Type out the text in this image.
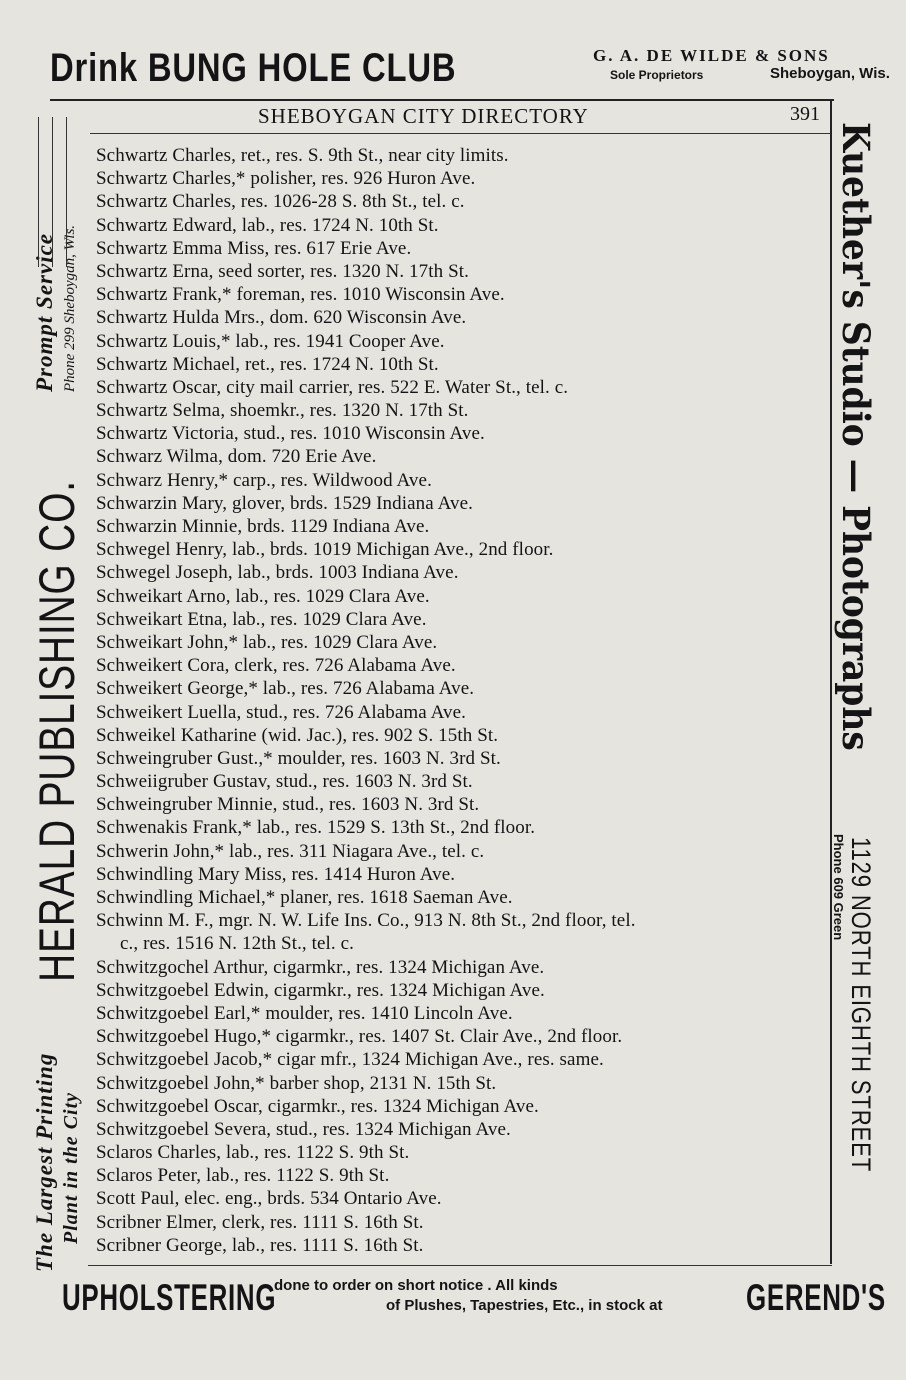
Drink BUNG HOLE CLUB	G. A. DE WILDE & SONS
Sole Proprietors	Sheboygan, Wis.
SHEBOYGAN CITY DIRECTORY	391
The Largest Printing Plant in the City
HERALD PUBLISHING CO.
Prompt Service Phone 299 Sheboygan, Wis.	Kuether's Studio — Photographs
1129 NORTH EIGHTH STREET
Phone 609 Green
Schwartz Charles, ret., res. S. 9th St., near city limits.
Schwartz Charles,* polisher, res. 926 Huron Ave.
Schwartz Charles, res. 1026-28 S. 8th St., tel. c.
Schwartz Edward, lab., res. 1724 N. 10th St.
Schwartz Emma Miss, res. 617 Erie Ave.
Schwartz Erna, seed sorter, res. 1320 N. 17th St.
Schwartz Frank,* foreman, res. 1010 Wisconsin Ave.
Schwartz Hulda Mrs., dom. 620 Wisconsin Ave.
Schwartz Louis,* lab., res. 1941 Cooper Ave.
Schwartz Michael, ret., res. 1724 N. 10th St.
Schwartz Oscar, city mail carrier, res. 522 E. Water St., tel. c.
Schwartz Selma, shoemkr., res. 1320 N. 17th St.
Schwartz Victoria, stud., res. 1010 Wisconsin Ave.
Schwarz Wilma, dom. 720 Erie Ave.
Schwarz Henry,* carp., res. Wildwood Ave.
Schwarzin Mary, glover, brds. 1529 Indiana Ave.
Schwarzin Minnie, brds. 1129 Indiana Ave.
Schwegel Henry, lab., brds. 1019 Michigan Ave., 2nd floor.
Schwegel Joseph, lab., brds. 1003 Indiana Ave.
Schweikart Arno, lab., res. 1029 Clara Ave.
Schweikart Etna, lab., res. 1029 Clara Ave.
Schweikart John,* lab., res. 1029 Clara Ave.
Schweikert Cora, clerk, res. 726 Alabama Ave.
Schweikert George,* lab., res. 726 Alabama Ave.
Schweikert Luella, stud., res. 726 Alabama Ave.
Schweikel Katharine (wid. Jac.), res. 902 S. 15th St.
Schweingruber Gust.,* moulder, res. 1603 N. 3rd St.
Schweiigruber Gustav, stud., res. 1603 N. 3rd St.
Schweingruber Minnie, stud., res. 1603 N. 3rd St.
Schwenakis Frank,* lab., res. 1529 S. 13th St., 2nd floor.
Schwerin John,* lab., res. 311 Niagara Ave., tel. c.
Schwindling Mary Miss, res. 1414 Huron Ave.
Schwindling Michael,* planer, res. 1618 Saeman Ave.
Schwinn M. F., mgr. N. W. Life Ins. Co., 913 N. 8th St., 2nd floor, tel.
c., res. 1516 N. 12th St., tel. c.
Schwitzgochel Arthur, cigarmkr., res. 1324 Michigan Ave.
Schwitzgoebel Edwin, cigarmkr., res. 1324 Michigan Ave.
Schwitzgoebel Earl,* moulder, res. 1410 Lincoln Ave.
Schwitzgoebel Hugo,* cigarmkr., res. 1407 St. Clair Ave., 2nd floor.
Schwitzgoebel Jacob,* cigar mfr., 1324 Michigan Ave., res. same.
Schwitzgoebel John,* barber shop, 2131 N. 15th St.
Schwitzgoebel Oscar, cigarmkr., res. 1324 Michigan Ave.
Schwitzgoebel Severa, stud., res. 1324 Michigan Ave.
Sclaros Charles, lab., res. 1122 S. 9th St.
Sclaros Peter, lab., res. 1122 S. 9th St.
Scott Paul, elec. eng., brds. 534 Ontario Ave.
Scribner Elmer, clerk, res. 1111 S. 16th St.
Scribner George, lab., res. 1111 S. 16th St.
UPHOLSTERING
done to order on short notice . All kinds
of Plushes, Tapestries, Etc., in stock at GEREND'S
